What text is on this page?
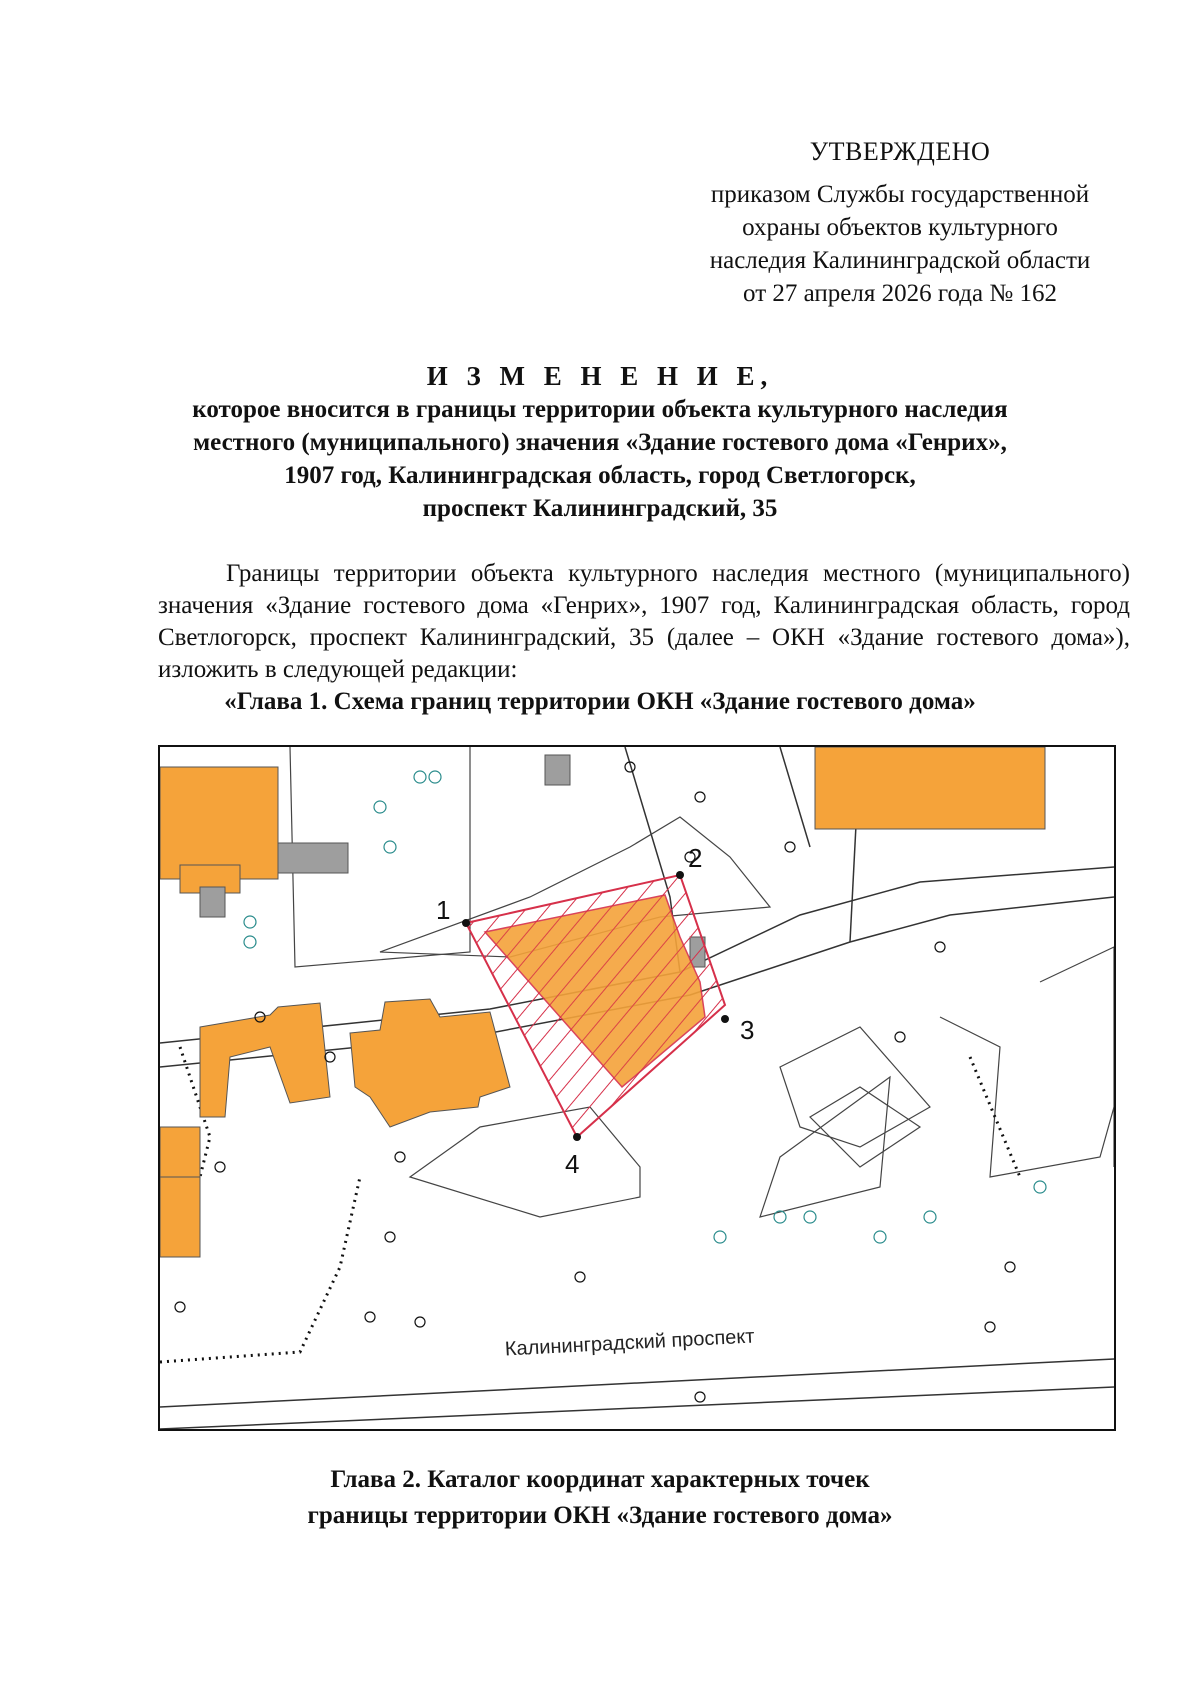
УТВЕРЖДЕНО
приказом Службы государственной
охраны объектов культурного
наследия Калининградской области
от 27 апреля 2026 года № 162
И З М Е Н Е Н И Е,
которое вносится в границы территории объекта культурного наследия
местного (муниципального) значения «Здание гостевого дома «Генрих»,
1907 год, Калининградская область, город Светлогорск,
проспект Калининградский, 35
Границы территории объекта культурного наследия местного (муниципального) значения «Здание гостевого дома «Генрих», 1907 год, Калининградская область, город Светлогорск, проспект Калининградский, 35 (далее – ОКН «Здание гостевого дома»), изложить в следующей редакции:
«Глава 1. Схема границ территории ОКН «Здание гостевого дома»
Калининградский проспект
1
2
3
4
Глава 2. Каталог координат характерных точек
границы территории ОКН «Здание гостевого дома»
